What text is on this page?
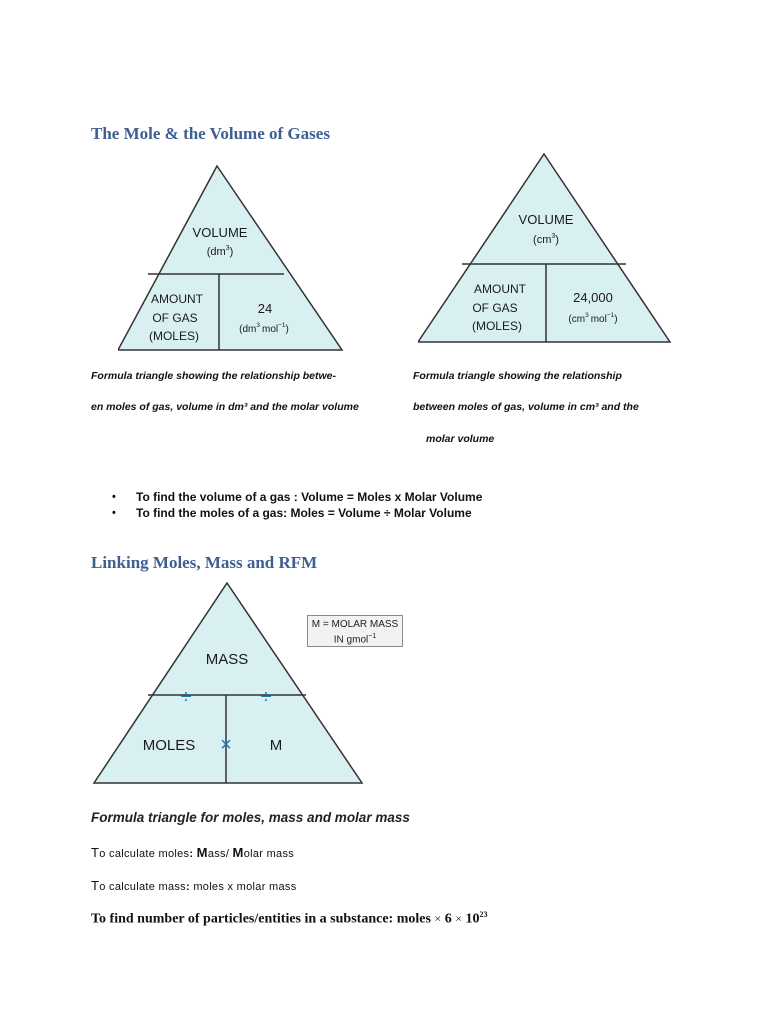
The Mole & the Volume of Gases
VOLUME
$(dm^3)$
AMOUNT
OF GAS
(MOLES)
24
($dm^3$ mol$^{-1}$)
VOLUME
$(cm^3)$
AMOUNT
OF GAS
(MOLES)
24,000
($cm^3$ mol$^{-1}$)

Formula triangle showing the relationship betwe-

en moles of gas, volume in dm³ and the molar volume

Formula triangle showing the relationship

between moles of gas, volume in cm³ and the

molar volume

• To find the volume of a gas : Volume = Moles x Molar Volume
• To find the moles of a gas: Moles = Volume ÷ Molar Volume
Linking Moles, Mass and RFM
MASS
÷	÷
MOLES ×	M
M = MOLAR MASS
IN gmol$^{-1}$

Formula triangle for moles, mass and molar mass

To calculate moles: Mass/ Molar mass

To calculate mass: moles x molar mass

To find number of particles/entities in a substance: moles × $6 \times 10^{23}$
